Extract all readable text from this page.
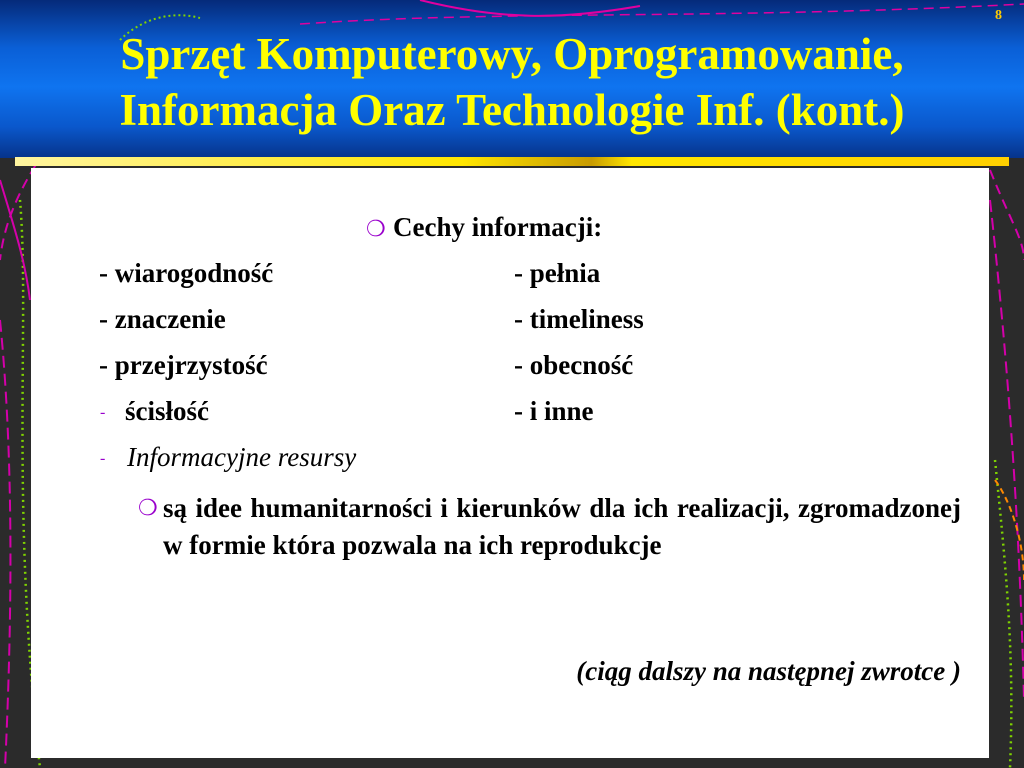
8
Sprzęt Komputerowy, Oprogramowanie,
Informacja Oraz Technologie Inf. (kont.)
❍ Cechy informacji:
- wiarogodność
- znaczenie
- przejrzystość
- ścisłość
- pełnia
- timeliness
- obecność
- i inne
- Informacyjne resursy
❍ są idee humanitarności i kierunków dla ich realizacji, zgromadzonej w formie która pozwala na ich reprodukcje
(ciąg dalszy na następnej zwrotce )
